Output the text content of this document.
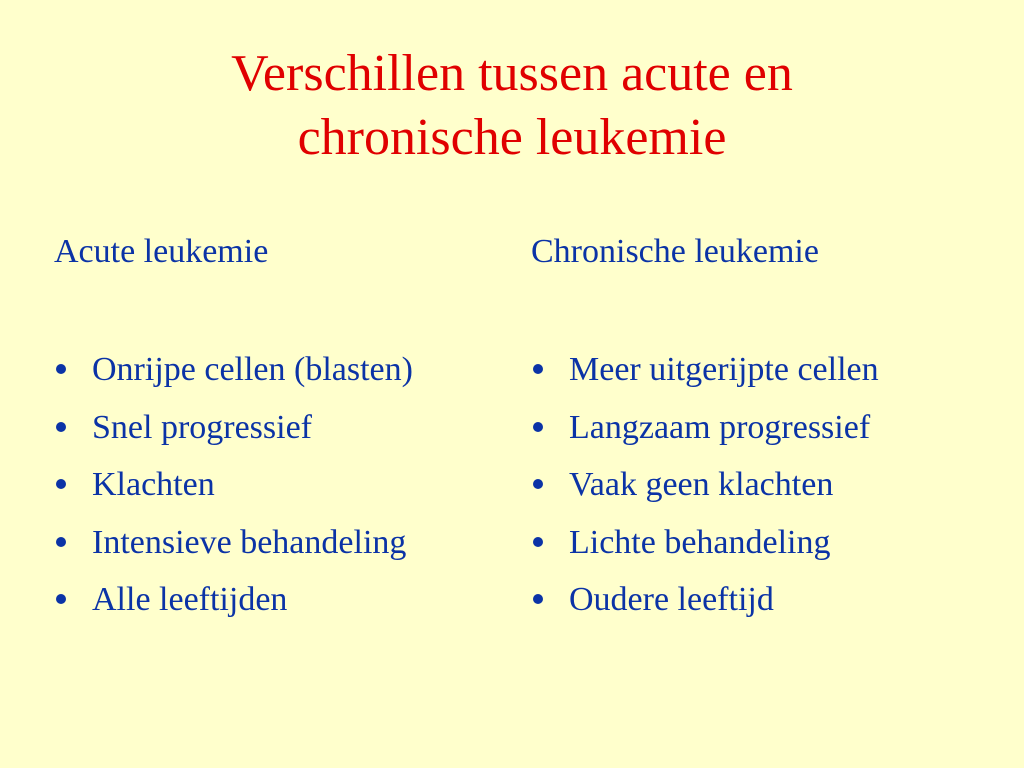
Verschillen tussen acute en
chronische leukemie
Acute leukemie
Onrijpe cellen (blasten)
Snel progressief
Klachten
Intensieve behandeling
Alle leeftijden
Chronische leukemie
Meer uitgerijpte cellen
Langzaam progressief
Vaak geen klachten
Lichte behandeling
Oudere leeftijd
